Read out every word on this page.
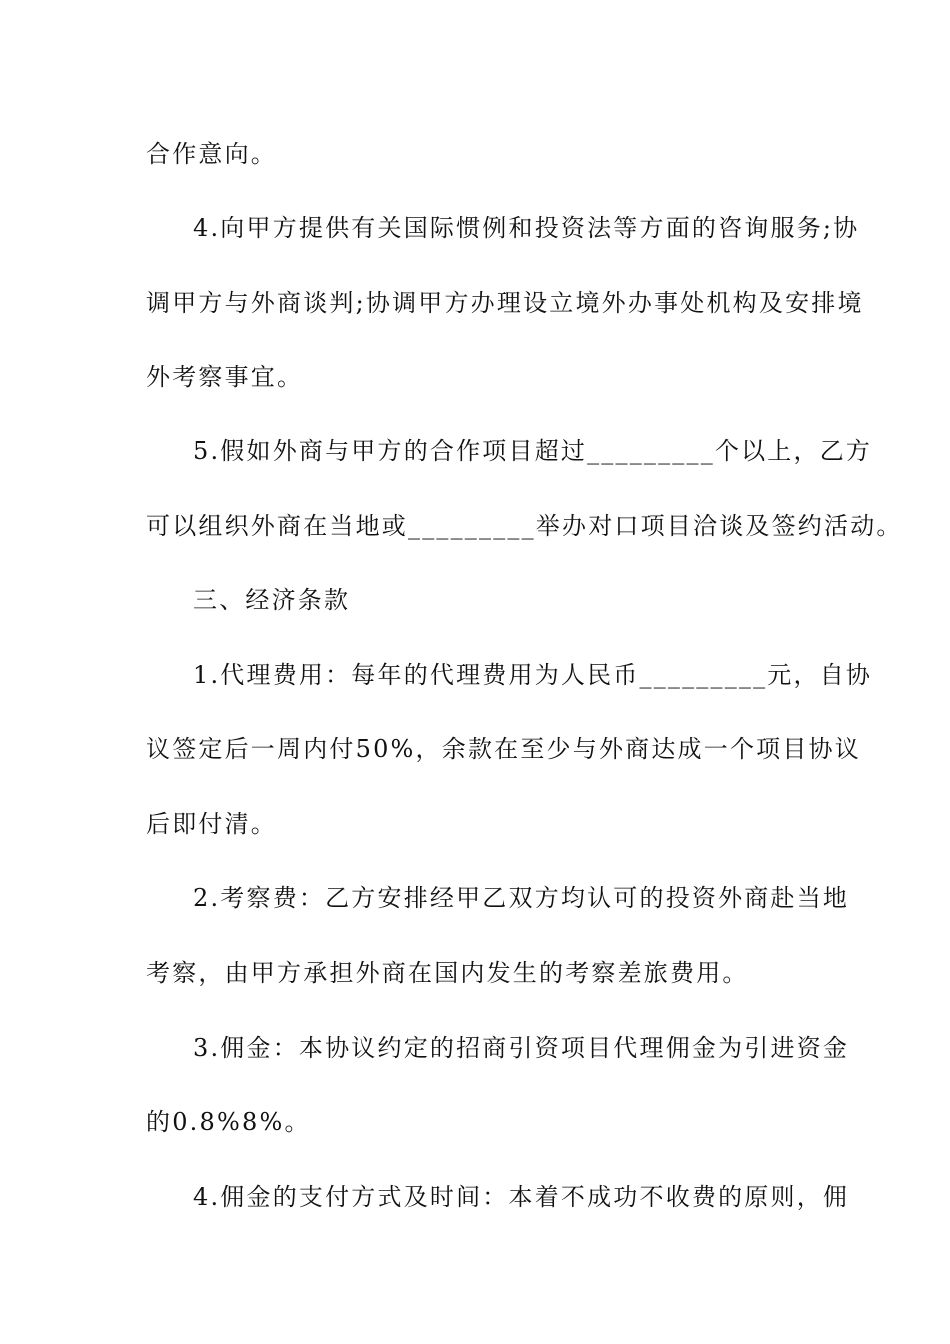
合作意向。
4.向甲方提供有关国际惯例和投资法等方面的咨询服务;协
调甲方与外商谈判;协调甲方办理设立境外办事处机构及安排境
外考察事宜。
5.假如外商与甲方的合作项目超过_________个以上，乙方
可以组织外商在当地或_________举办对口项目洽谈及签约活动。
三、经济条款
1.代理费用：每年的代理费用为人民币_________元，自协
议签定后一周内付50%，余款在至少与外商达成一个项目协议
后即付清。
2.考察费：乙方安排经甲乙双方均认可的投资外商赴当地
考察，由甲方承担外商在国内发生的考察差旅费用。
3.佣金：本协议约定的招商引资项目代理佣金为引进资金
的0.8%8%。
4.佣金的支付方式及时间：本着不成功不收费的原则，佣
